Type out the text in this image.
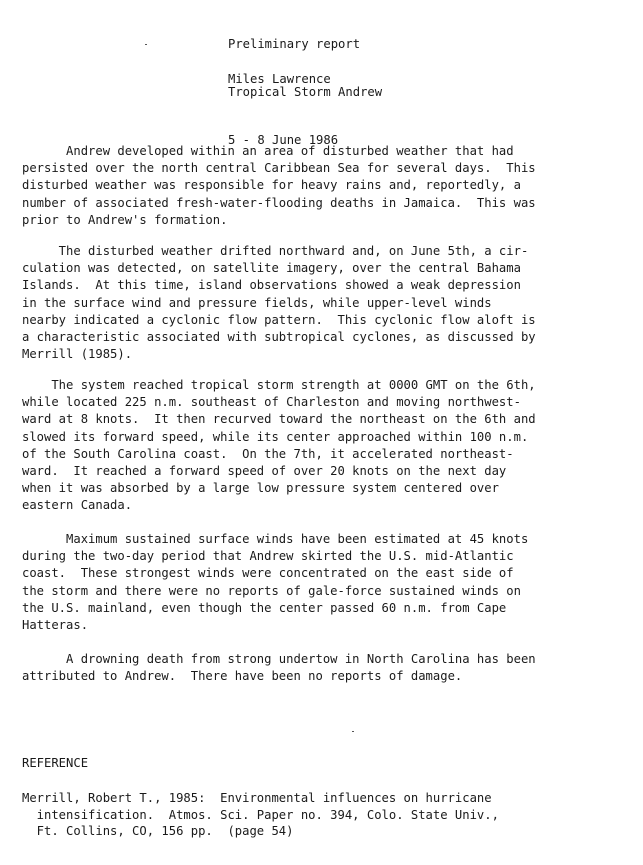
Preliminary report

Tropical Storm Andrew

5 - 8 June 1986

Miles Lawrence
Andrew developed within an area of disturbed weather that had
persisted over the north central Caribbean Sea for several days.  This
disturbed weather was responsible for heavy rains and, reportedly, a
number of associated fresh-water-flooding deaths in Jamaica.  This was
prior to Andrew's formation.
The disturbed weather drifted northward and, on June 5th, a cir-
culation was detected, on satellite imagery, over the central Bahama
Islands.  At this time, island observations showed a weak depression
in the surface wind and pressure fields, while upper-level winds
nearby indicated a cyclonic flow pattern.  This cyclonic flow aloft is
a characteristic associated with subtropical cyclones, as discussed by
Merrill (1985).
The system reached tropical storm strength at 0000 GMT on the 6th,
while located 225 n.m. southeast of Charleston and moving northwest-
ward at 8 knots.  It then recurved toward the northeast on the 6th and
slowed its forward speed, while its center approached within 100 n.m.
of the South Carolina coast.  On the 7th, it accelerated northeast-
ward.  It reached a forward speed of over 20 knots on the next day
when it was absorbed by a large low pressure system centered over
eastern Canada.
Maximum sustained surface winds have been estimated at 45 knots
during the two-day period that Andrew skirted the U.S. mid-Atlantic
coast.  These strongest winds were concentrated on the east side of
the storm and there were no reports of gale-force sustained winds on
the U.S. mainland, even though the center passed 60 n.m. from Cape
Hatteras.
A drowning death from strong undertow in North Carolina has been
attributed to Andrew.  There have been no reports of damage.
REFERENCE
Merrill, Robert T., 1985:  Environmental influences on hurricane
intensification.  Atmos. Sci. Paper no. 394, Colo. State Univ.,
Ft. Collins, CO, 156 pp.  (page 54)
